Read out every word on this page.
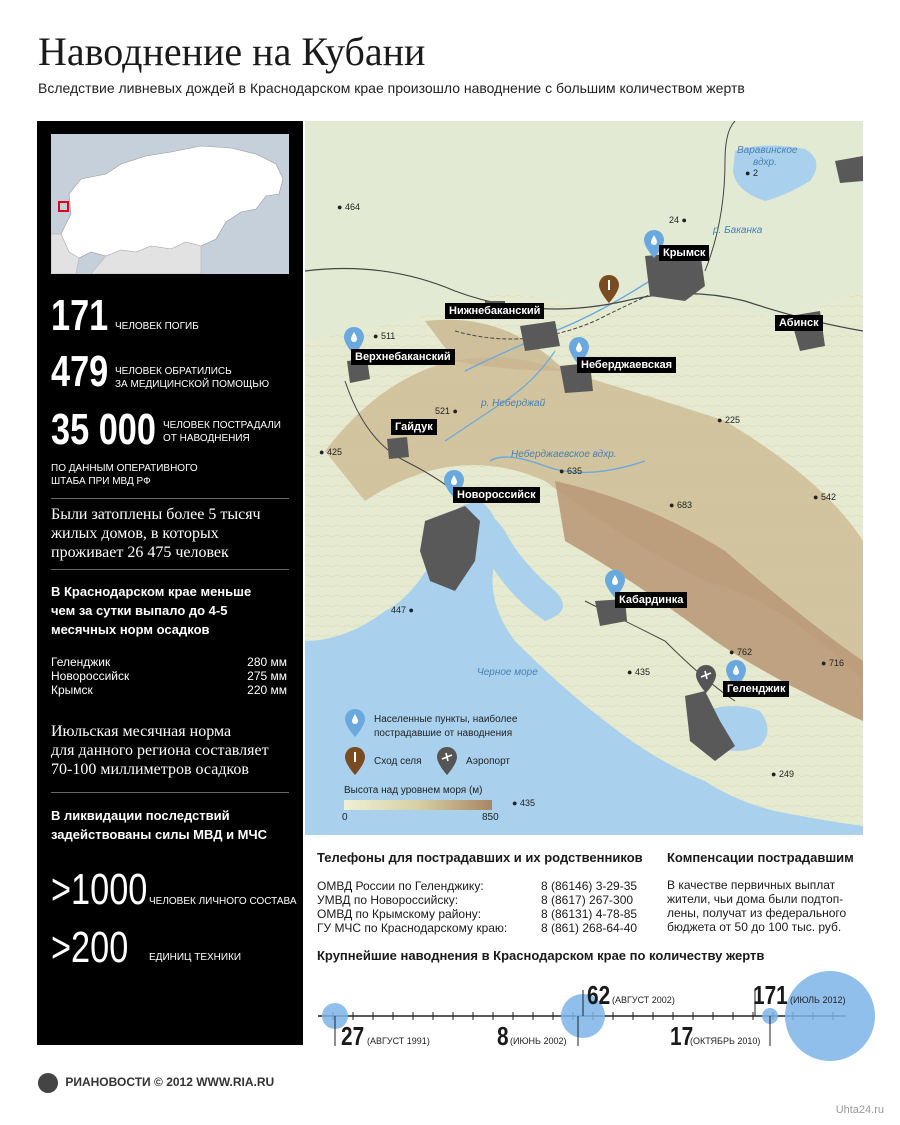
Наводнение на Кубани
Вследствие ливневых дождей в Краснодарском крае произошло наводнение с большим количеством жертв
171 ЧЕЛОВЕК ПОГИБ
479 ЧЕЛОВЕК ОБРАТИЛИСЬ
ЗА МЕДИЦИНСКОЙ ПОМОЩЬЮ
35 000 ЧЕЛОВЕК ПОСТРАДАЛИ
ОТ НАВОДНЕНИЯ
ПО ДАННЫМ ОПЕРАТИВНОГО
ШТАБА ПРИ МВД РФ
Были затоплены более 5 тысяч
жилых домов, в которых
проживает 26 475 человек
В Краснодарском крае меньше
чем за сутки выпало до 4-5
месячных норм осадков
Геленджик	280 мм
Новороссийск	275 мм
Крымск	220 мм
Июльская месячная норма
для данного региона составляет
70-100 миллиметров осадков
В ликвидации последствий
задействованы силы МВД и МЧС
>1000 ЧЕЛОВЕК ЛИЧНОГО СОСТАВА
>200 ЕДИНИЦ ТЕХНИКИ
Крымск
Абинск
Нижнебаканский
Верхнебаканский
Неберджаевская
Гайдук
Новороссийск
Кабардинка
Геленджик
● 464
● 2
24 ●
● 511
521 ●
● 225
● 425
● 635
● 542
● 683
447 ●
● 762
● 716
● 435
● 249
● 435
Варавинское
вдхр.
р. Баканка
р. Неберджай
Неберджаевское вдхр.
Черное море
Населенные пункты, наиболее
пострадавшие от наводнения
Сход селя	Аэропорт
Высота над уровнем моря (м)
0	850
Телефоны для пострадавших и их родственников
ОМВД России по Геленджику:	8 (86146) 3-29-35
УМВД по Новороссийску:	8 (8617) 267-300
ОМВД по Крымскому району:	8 (86131) 4-78-85
ГУ МЧС по Краснодарскому краю:	8 (861) 268-64-40
Компенсации пострадавшим
В качестве первичных выплат
жители, чьи дома были подтоп-
лены, получат из федерального
бюджета от 50 до 100 тыс. руб.
Крупнейшие наводнения в Краснодарском крае по количеству жертв
27 (АВГУСТ 1991)	8 (ИЮНЬ 2002)
62 (АВГУСТ 2002)
17
(ОКТЯБРЬ 2010)
171 (ИЮЛЬ 2012)
РИАНОВОСТИ © 2012 WWW.RIA.RU
Uhta24.ru
